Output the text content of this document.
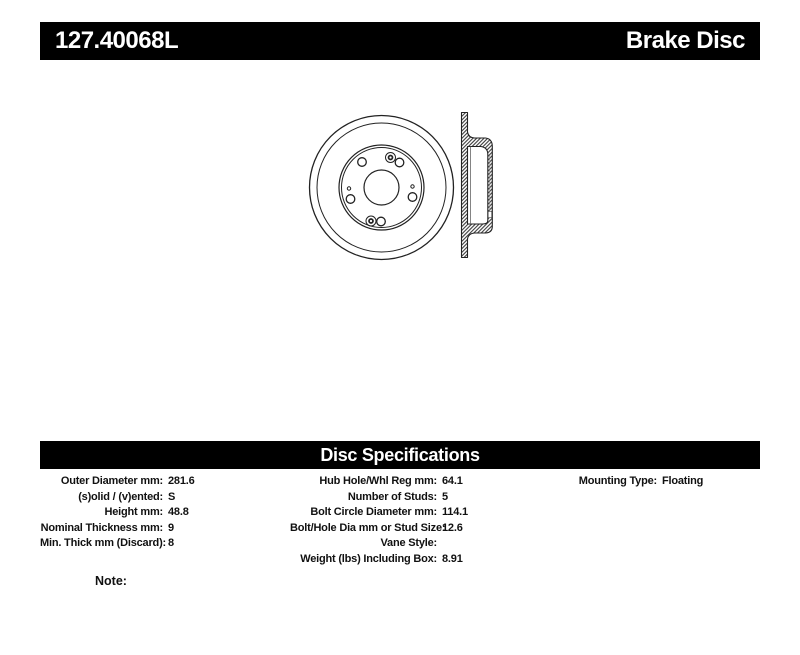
127.40068L	Brake Disc
Disc Specifications
Outer Diameter mm: 281.6
(s)olid / (v)ented: S
Height mm: 48.8
Nominal Thickness mm: 9
Min. Thick mm (Discard): 8
Hub Hole/Whl Reg mm: 64.1
Number of Studs: 5
Bolt Circle Diameter mm: 114.1
Bolt/Hole Dia mm or Stud Size:
12.6
Vane Style:
Weight (lbs) Including Box: 8.91
Mounting Type: Floating
Note:
